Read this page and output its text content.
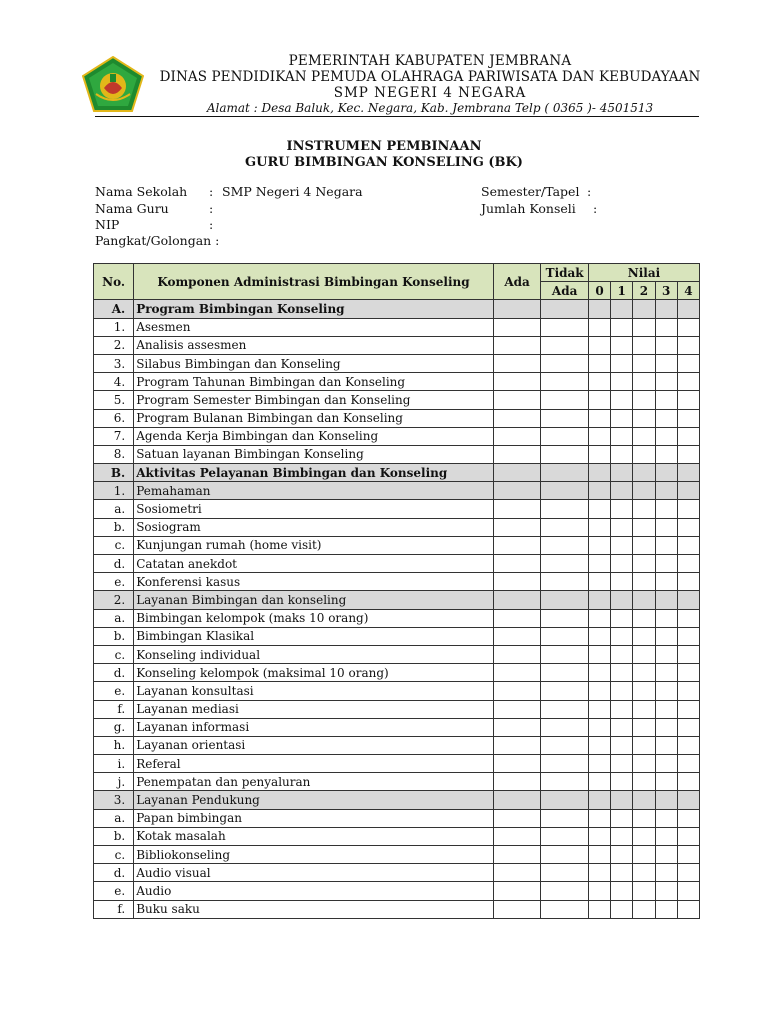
PEMERINTAH KABUPATEN JEMBRANA
DINAS PENDIDIKAN PEMUDA OLAHRAGA PARIWISATA DAN KEBUDAYAAN
SMP NEGERI 4 NEGARA
Alamat : Desa Baluk, Kec. Negara, Kab. Jembrana Telp ( 0365 )- 4501513
INSTRUMEN PEMBINAAN
GURU BIMBINGAN KONSELING (BK)
Nama Sekolah : SMP Negeri 4 Negara
Nama Guru	:
NIP	:
Pangkat/Golongan :
Semester/Tapel :
Jumlah Konseli :
No.	Komponen Administrasi Bimbingan Konseling	Ada	Tidak	Nilai				
			Ada	0	1	2	3	4
A.	Program Bimbingan Konseling							
1.	Asesmen							
2.	Analisis assesmen							
3.	Silabus Bimbingan dan Konseling							
4.	Program Tahunan Bimbingan dan Konseling							
5.	Program Semester Bimbingan dan Konseling							
6.	Program Bulanan Bimbingan dan Konseling							
7.	Agenda Kerja Bimbingan dan Konseling							
8.	Satuan layanan Bimbingan Konseling							
B.	Aktivitas Pelayanan Bimbingan dan Konseling							
1.	Pemahaman							
a.	Sosiometri							
b.	Sosiogram							
c.	Kunjungan rumah (home visit)							
d.	Catatan anekdot							
e.	Konferensi kasus							
2.	Layanan Bimbingan dan konseling							
a.	Bimbingan kelompok (maks 10 orang)							
b.	Bimbingan Klasikal							
c.	Konseling individual							
d.	Konseling kelompok (maksimal 10 orang)							
e.	Layanan konsultasi							
f.	Layanan mediasi							
g.	Layanan informasi							
h.	Layanan orientasi							
i.	Referal							
j.	Penempatan dan penyaluran							
3.	Layanan Pendukung							
a.	Papan bimbingan							
b.	Kotak masalah							
c.	Bibliokonseling							
d.	Audio visual							
e.	Audio							
f.	Buku saku							
